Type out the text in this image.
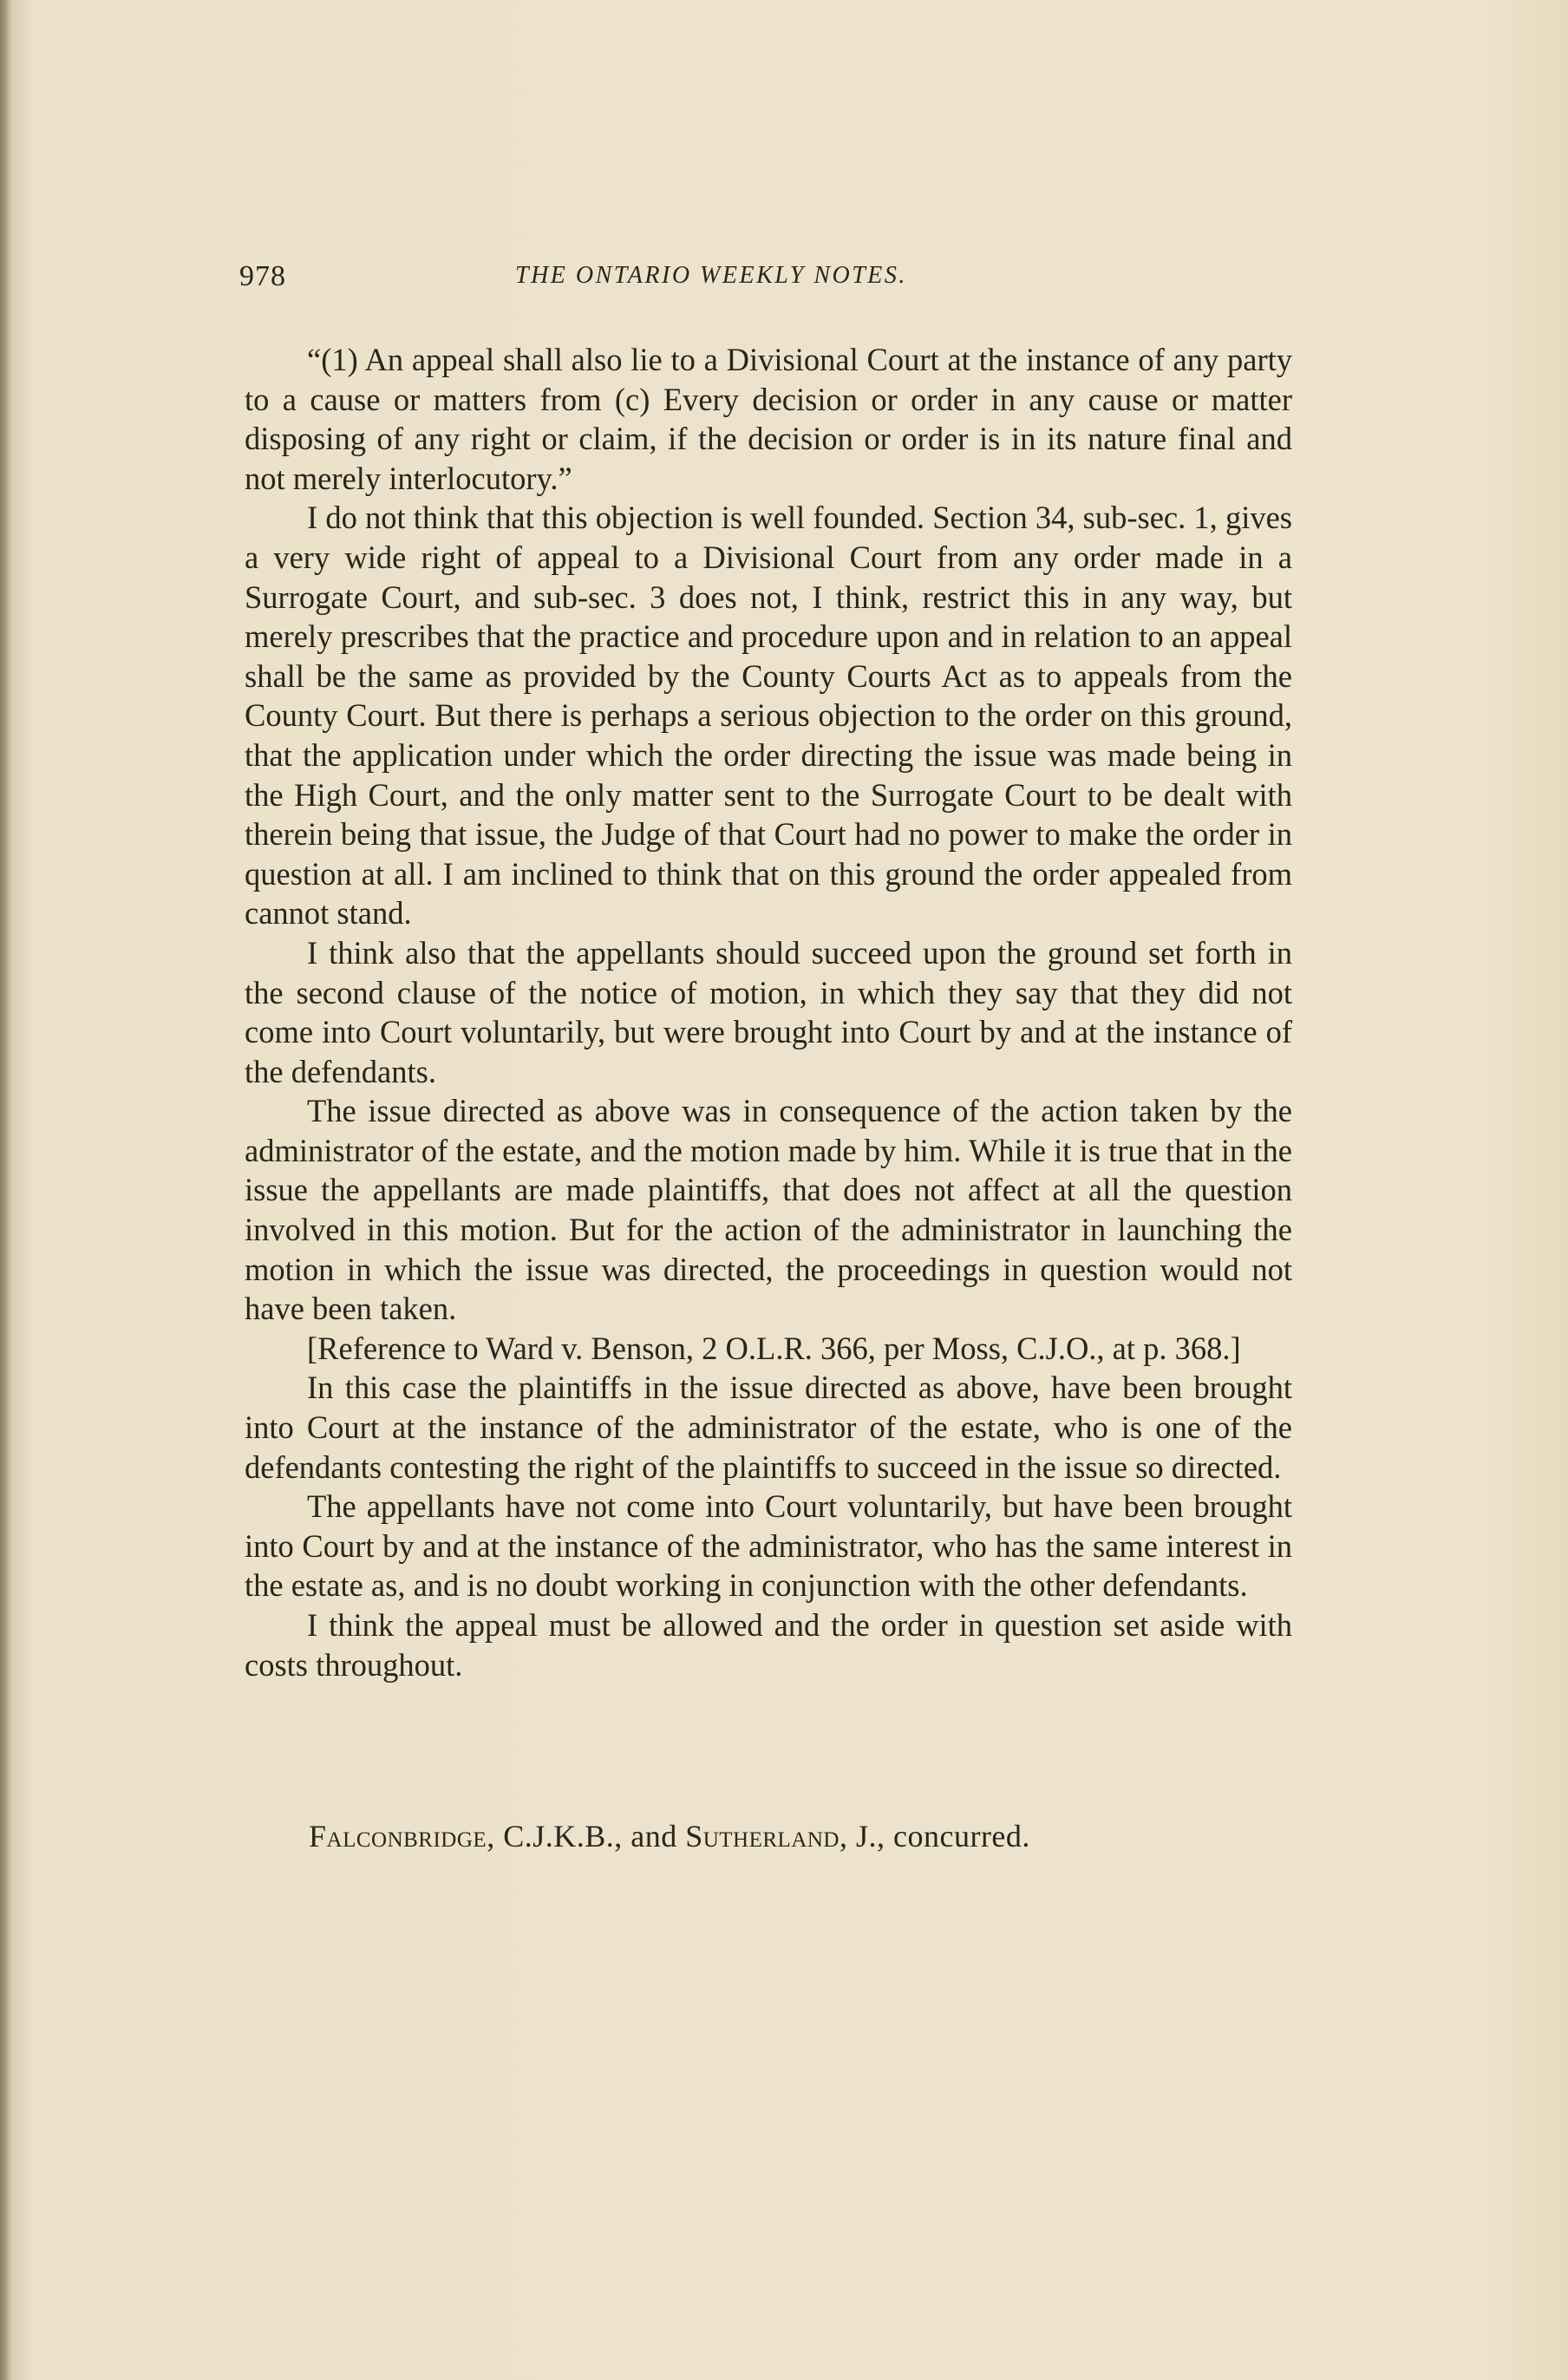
978	THE ONTARIO WEEKLY NOTES.

“(1) An appeal shall also lie to a Divisional Court at the instance of any party to a cause or matters from (c) Every decision or order in any cause or matter disposing of any right or claim, if the decision or order is in its nature final and not merely interlocutory.”

I do not think that this objection is well founded. Section 34, sub-sec. 1, gives a very wide right of appeal to a Divisional Court from any order made in a Surrogate Court, and sub-sec. 3 does not, I think, restrict this in any way, but merely prescribes that the practice and procedure upon and in relation to an appeal shall be the same as provided by the County Courts Act as to appeals from the County Court. But there is perhaps a serious objection to the order on this ground, that the application under which the order directing the issue was made being in the High Court, and the only matter sent to the Surrogate Court to be dealt with therein being that issue, the Judge of that Court had no power to make the order in question at all. I am inclined to think that on this ground the order appealed from cannot stand.

I think also that the appellants should succeed upon the ground set forth in the second clause of the notice of motion, in which they say that they did not come into Court voluntarily, but were brought into Court by and at the instance of the defendants.

The issue directed as above was in consequence of the action taken by the administrator of the estate, and the motion made by him. While it is true that in the issue the appellants are made plaintiffs, that does not affect at all the question involved in this motion. But for the action of the administrator in launching the motion in which the issue was directed, the proceedings in question would not have been taken.

[Reference to Ward v. Benson, 2 O.L.R. 366, per Moss, C.J.O., at p. 368.]

In this case the plaintiffs in the issue directed as above, have been brought into Court at the instance of the administrator of the estate, who is one of the defendants contesting the right of the plaintiffs to succeed in the issue so directed.

The appellants have not come into Court voluntarily, but have been brought into Court by and at the instance of the administrator, who has the same interest in the estate as, and is no doubt working in conjunction with the other defendants.

I think the appeal must be allowed and the order in question set aside with costs throughout.

Falconbridge, C.J.K.B., and Sutherland, J., concurred.
